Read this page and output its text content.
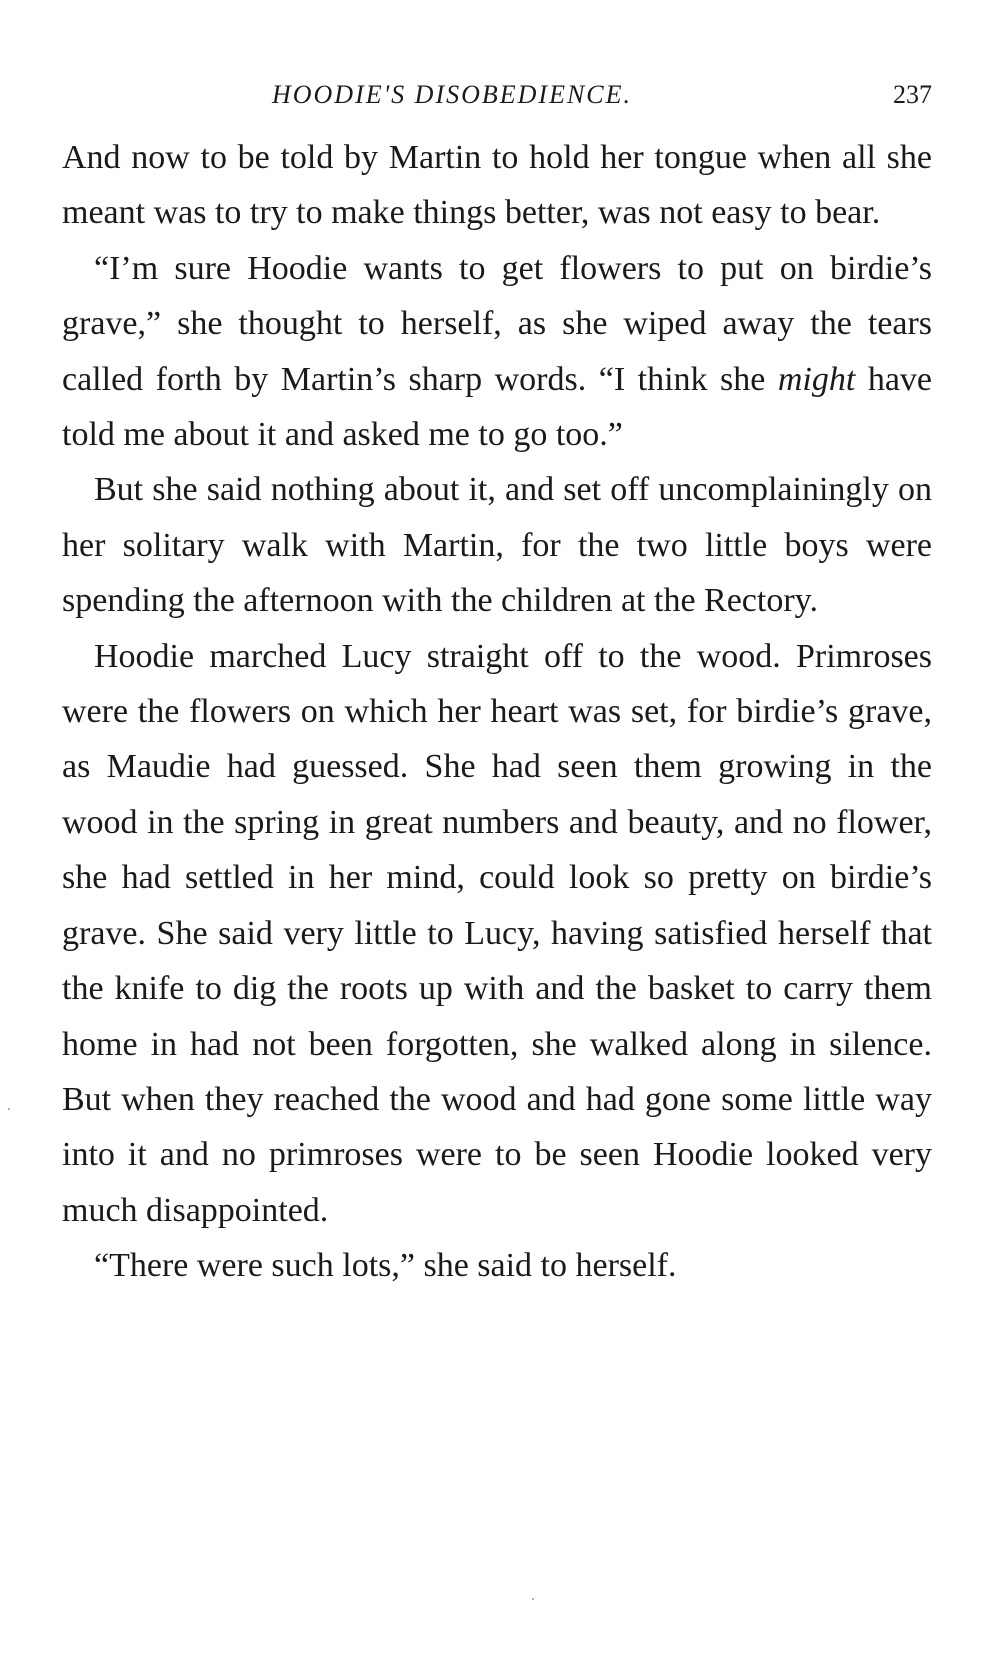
HOODIE'S DISOBEDIENCE.	237

And now to be told by Martin to hold her tongue when all she meant was to try to make things better, was not easy to bear.

“I’m sure Hoodie wants to get flowers to put on birdie’s grave,” she thought to herself, as she wiped away the tears called forth by Martin’s sharp words. “I think she might have told me about it and asked me to go too.”

But she said nothing about it, and set off uncomplainingly on her solitary walk with Martin, for the two little boys were spending the afternoon with the children at the Rectory.

Hoodie marched Lucy straight off to the wood. Primroses were the flowers on which her heart was set, for birdie’s grave, as Maudie had guessed. She had seen them growing in the wood in the spring in great numbers and beauty, and no flower, she had settled in her mind, could look so pretty on birdie’s grave. She said very little to Lucy, having satisfied herself that the knife to dig the roots up with and the basket to carry them home in had not been forgotten, she walked along in silence. But when they reached the wood and had gone some little way into it and no primroses were to be seen Hoodie looked very much disappointed.

“There were such lots,” she said to herself.
